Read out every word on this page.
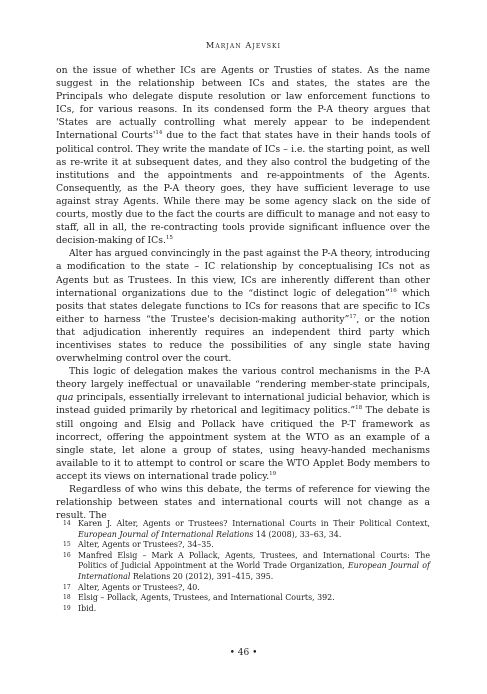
Marjan Ajevski

on the issue of whether ICs are Agents or Trusties of states. As the name suggest in the relationship between ICs and states, the states are the Principals who delegate dispute resolution or law enforcement functions to ICs, for various reasons. In its condensed form the P-A theory argues that 'States are actually controlling what merely appear to be independent International $Courts'^{14}$ due to the fact that states have in their hands tools of political control. They write the mandate of ICs – i.e. the starting point, as well as re-write it at subsequent dates, and they also control the budgeting of the institutions and the appointments and re-appointments of the Agents. Consequently, as the P-A theory goes, they have sufficient leverage to use against stray Agents. While there may be some agency slack on the side of courts, mostly due to the fact the courts are difficult to manage and not easy to staff, all in all, the re-contracting tools provide significant influence over the decision-making of ICs.$^{15}$

Alter has argued convincingly in the past against the P-A theory, introducing a modification to the state – IC relationship by conceptualising ICs not as Agents but as Trustees. In this view, ICs are inherently different than other international organizations due to the “distinct logic of delegation”$^{16}$ which posits that states delegate functions to ICs for reasons that are specific to ICs either to harness “the Trustee's decision-making authority”$^{17}$, or the notion that adjudication inherently requires an independent third party which incentivises states to reduce the possibilities of any single state having overwhelming control over the court.

This logic of delegation makes the various control mechanisms in the P-A theory largely ineffectual or unavailable “rendering member-state principals, qua principals, essentially irrelevant to international judicial behavior, which is instead guided primarily by rhetorical and legitimacy politics.”$^{18}$ The debate is still ongoing and Elsig and Pollack have critiqued the P-T framework as incorrect, offering the appointment system at the WTO as an example of a single state, let alone a group of states, using heavy-handed mechanisms available to it to attempt to control or scare the WTO Applet Body members to accept its views on international trade policy.$^{19}$

Regardless of who wins this debate, the terms of reference for viewing the relationship between states and international courts will not change as a result. The

14 Karen J. Alter, Agents or Trustees? International Courts in Their Political Context, European Journal of International Relations 14 (2008), 33–63, 34.
15 Alter, Agents or Trustees?, 34–35.
16 Manfred Elsig – Mark A Pollack, Agents, Trustees, and International Courts: The Politics of Judicial Appointment at the World Trade Organization, European Journal of International Relations 20 (2012), 391–415, 395.
17 Alter, Agents or Trustees?, 40.
18 Elsig – Pollack, Agents, Trustees, and International Courts, 392.
19 Ibid.
• 46 •
